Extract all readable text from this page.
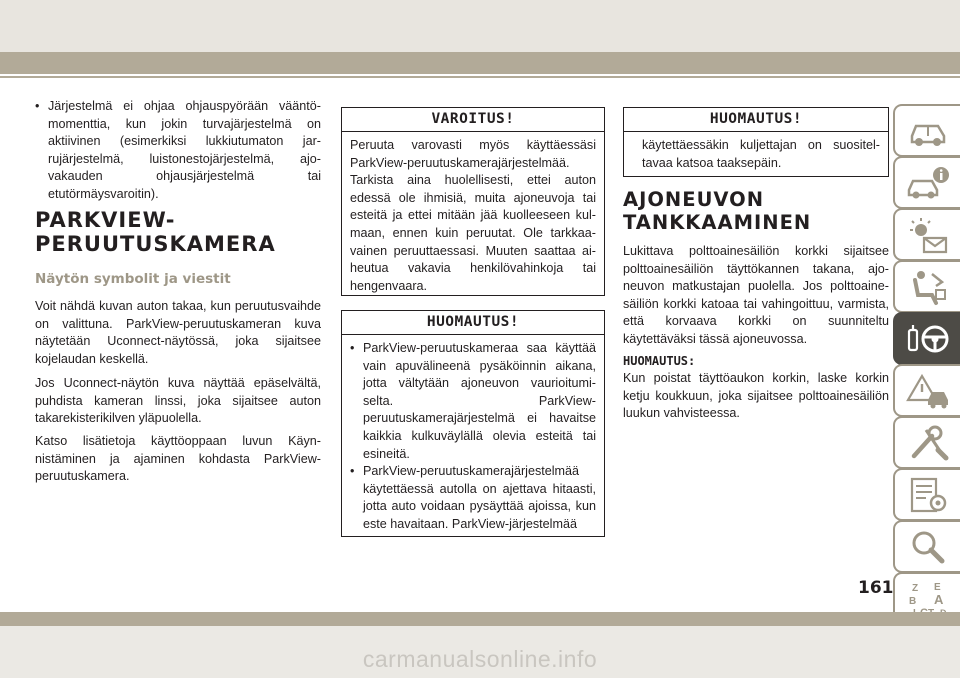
• Järjestelmä ei ohjaa ohjauspyörään vääntömomenttia, kun jokin turvajärjestelmä on aktiivinen (esimerkiksi lukkiutumaton jarrujärjestelmä, luistonestojärjestelmä, ajovakauden ohjausjärjestelmä tai etutörmäysvaroitin).
PARKVIEW-
PERUUTUSKAMERA
Näytön symbolit ja viestit
Voit nähdä kuvan auton takaa, kun peruutusvaihde on valittuna. ParkView-peruutuskameran kuva näytetään Uconnect-näytössä, joka sijaitsee kojelaudan keskellä.
Jos Uconnect-näytön kuva näyttää epäselvältä, puhdista kameran linssi, joka sijaitsee auton takarekisterikilven yläpuolella.
Katso lisätietoja käyttöoppaan luvun Käynnistäminen ja ajaminen kohdasta ParkView-peruutuskamera.
VAROITUS!
Peruuta varovasti myös käyttäessäsi ParkView-peruutuskamerajärjestelmää. Tarkista aina huolellisesti, ettei auton edessä ole ihmisiä, muita ajoneuvoja tai esteitä ja ettei mitään jää kuolleeseen kulmaan, ennen kuin peruutat. Ole tarkkaavainen peruuttaessasi. Muuten saattaa aiheutua vakavia henkilövahinkoja tai hengenvaara.
HUOMAUTUS!
• ParkView-peruutuskameraa saa käyttää vain apuvälineenä pysäköinnin aikana, jotta vältytään ajoneuvon vaurioitumiselta. ParkView-peruutuskamerajärjestelmä ei havaitse kaikkia kulkuväylällä olevia esteitä tai esineitä.
• ParkView-peruutuskamerajärjestelmää käytettäessä autolla on ajettava hitaasti, jotta auto voidaan pysäyttää ajoissa, kun este havaitaan. ParkView-järjestelmää
HUOMAUTUS!
käytettäessäkin kuljettajan on suositeltavaa katsoa taaksepäin.
AJONEUVON
TANKKAAMINEN
Lukittava polttoainesäiliön korkki sijaitsee polttoainesäiliön täyttökannen takana, ajoneuvon matkustajan puolella. Jos polttoainesäiliön korkki katoaa tai vahingoittuu, varmista, että korvaava korkki on suunniteltu käytettäväksi tässä ajoneuvossa.
HUOMAUTUS:
Kun poistat täyttöaukon korkin, laske korkin ketju koukkuun, joka sijaitsee polttoainesäiliön luukun vahvisteessa.
Z E
B A
161
carmanualsonline.info
